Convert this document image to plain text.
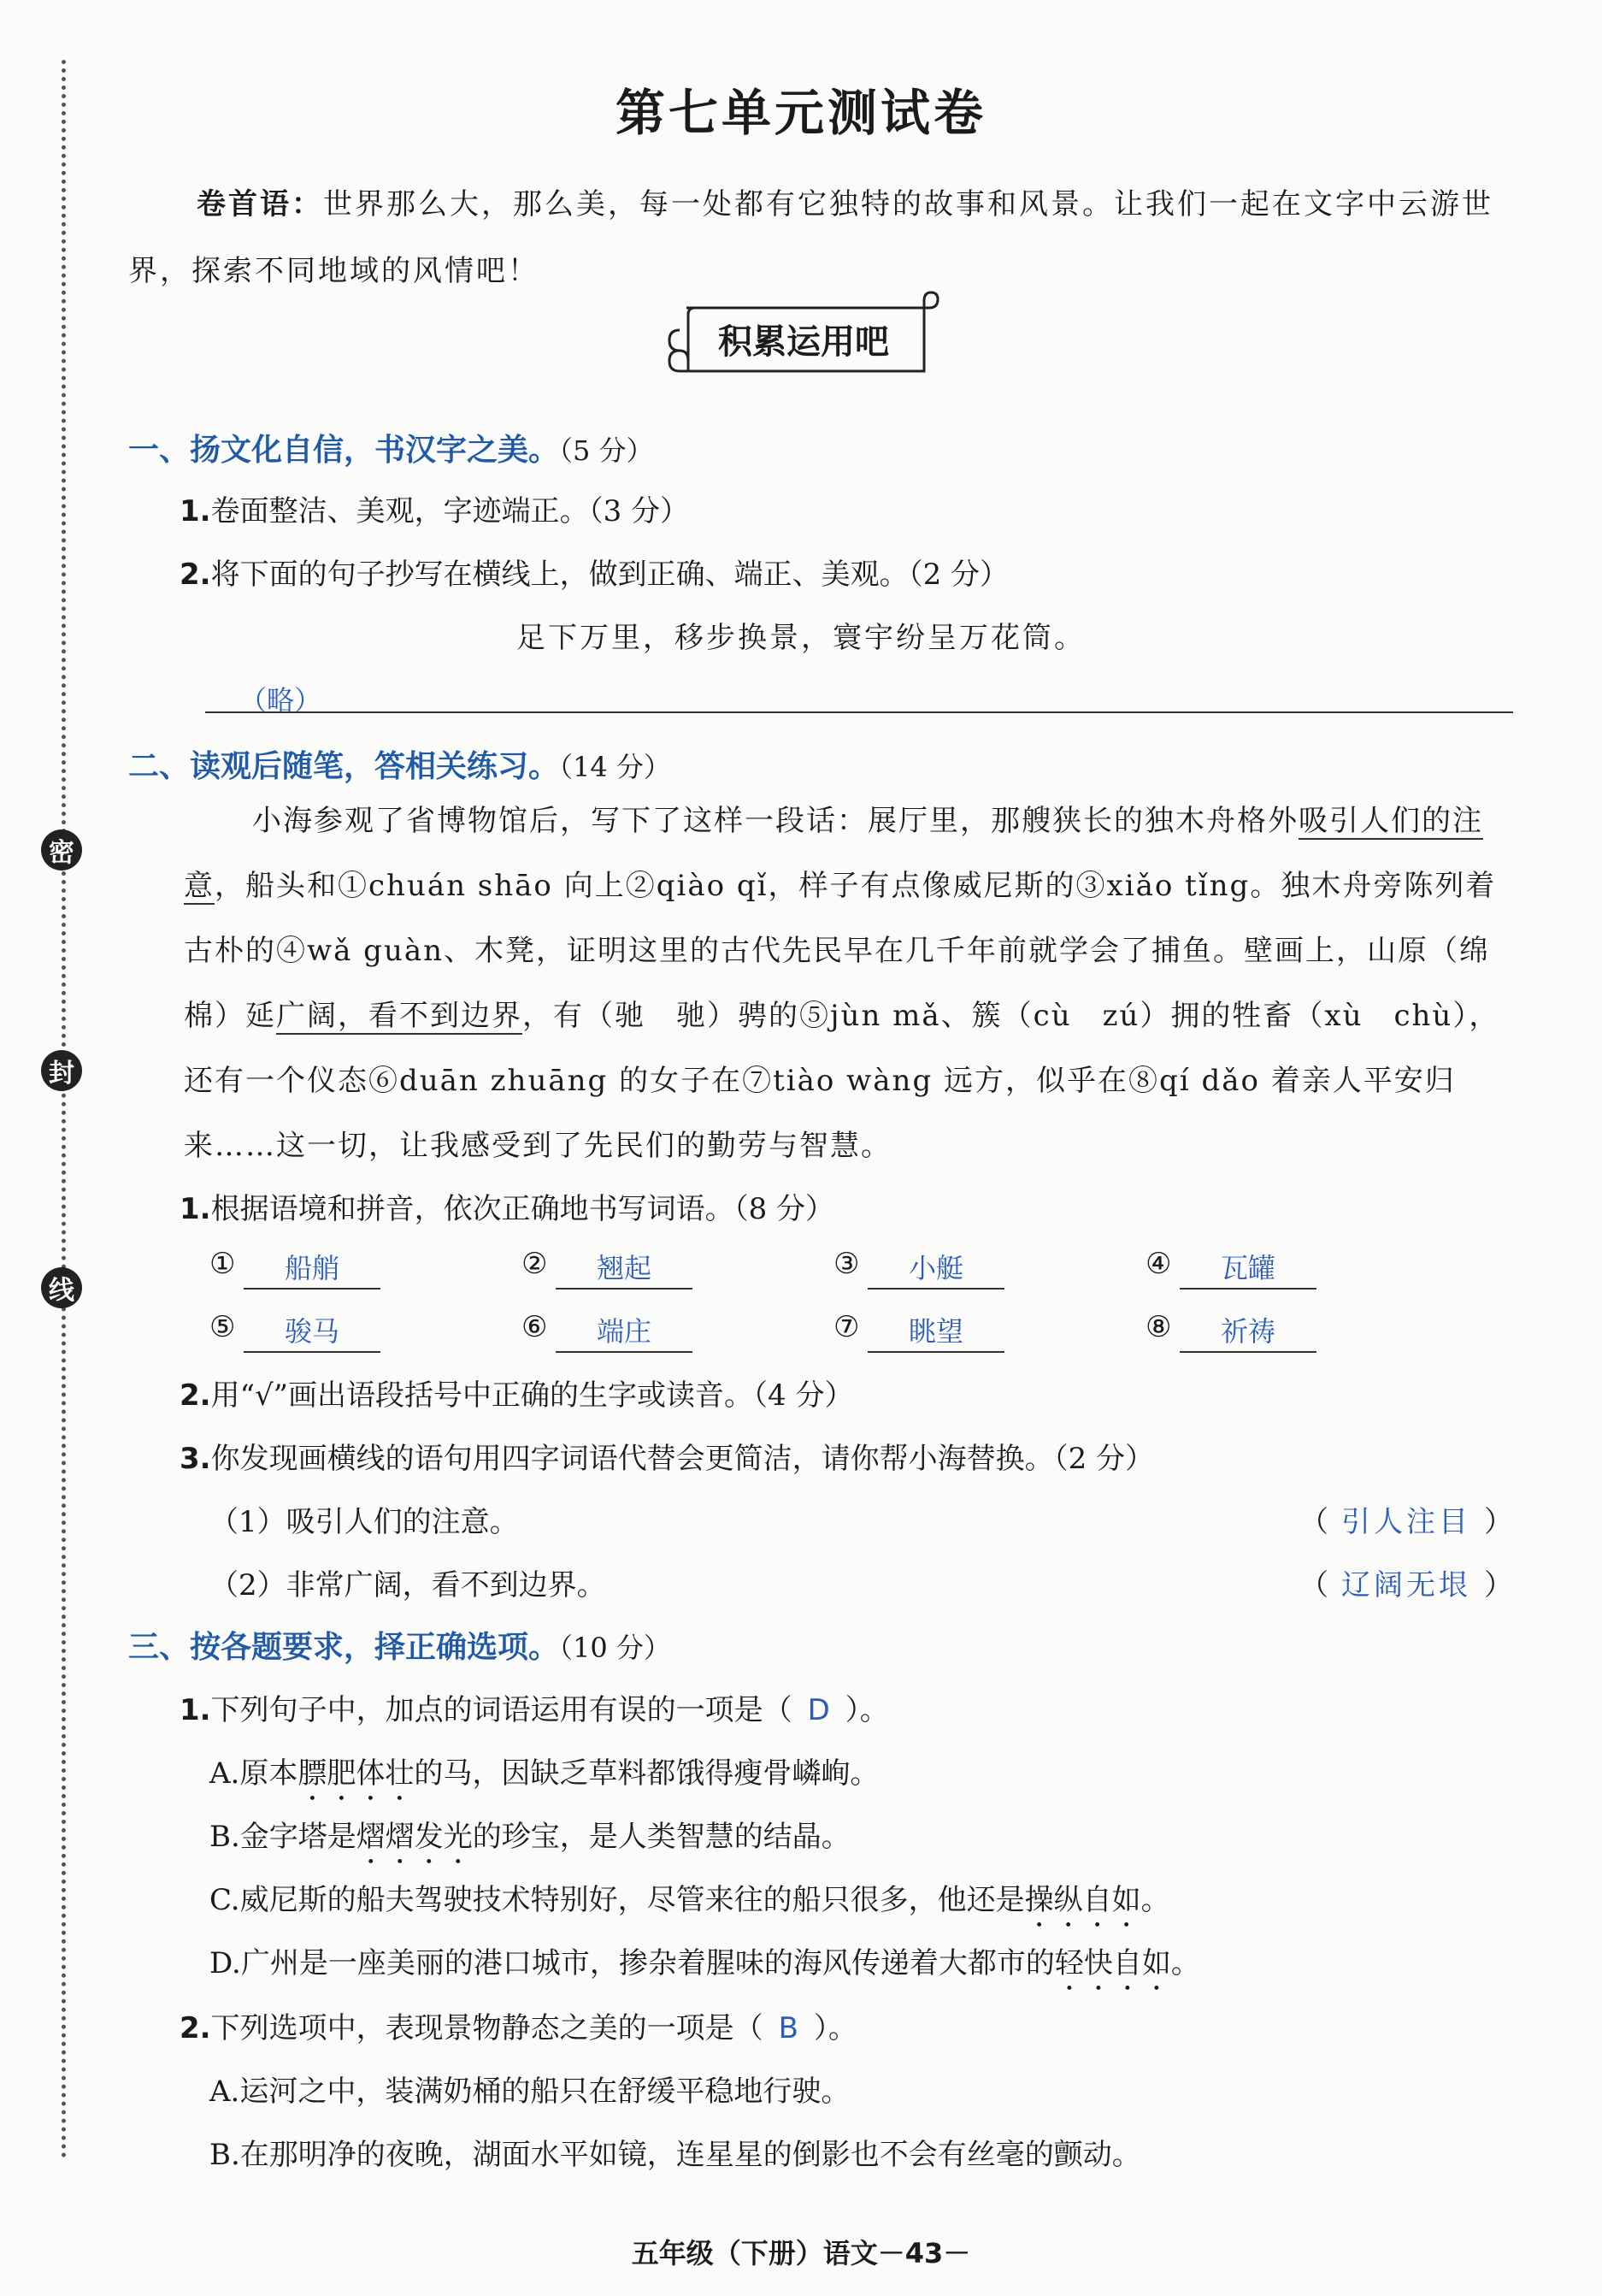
密
封
线
第七单元测试卷
卷首语：世界那么大，那么美，每一处都有它独特的故事和风景。让我们一起在文字中云游世界，探索不同地域的风情吧！
积累运用吧
一、扬文化自信，书汉字之美。（5 分）
1.卷面整洁、美观，字迹端正。（3 分）
2.将下面的句子抄写在横线上，做到正确、端正、美观。（2 分）
足下万里，移步换景，寰宇纷呈万花筒。
（略）
二、读观后随笔，答相关练习。（14 分）
小海参观了省博物馆后，写下了这样一段话：展厅里，那艘狭长的独木舟格外吸引人们的注意，船头和①chuán shāo 向上②qiào qǐ，样子有点像威尼斯的③xiǎo tǐng。独木舟旁陈列着古朴的④wǎ guàn、木凳，证明这里的古代先民早在几千年前就学会了捕鱼。壁画上，山原（绵　棉）延广阔，看不到边界，有（驰　驰）骋的⑤jùn mǎ、簇（cù　zú）拥的牲畜（xù　chù），还有一个仪态⑥duān zhuāng 的女子在⑦tiào wàng 远方，似乎在⑧qí dǎo 着亲人平安归来……这一切，让我感受到了先民们的勤劳与智慧。
1.根据语境和拼音，依次正确地书写词语。（8 分）
①	船艄	②	翘起	③	小艇	④	瓦罐
⑤	骏马	⑥	端庄	⑦	眺望	⑧	祈祷
2.用“√”画出语段括号中正确的生字或读音。（4 分）
3.你发现画横线的语句用四字词语代替会更简洁，请你帮小海替换。（2 分）
（1）吸引人们的注意。	（ 引人注目 ）
（2）非常广阔，看不到边界。	（ 辽阔无垠 ）
三、按各题要求，择正确选项。（10 分）
1.下列句子中，加点的词语运用有误的一项是（ D ）。
A.原本膘肥体壮的马，因缺乏草料都饿得瘦骨嶙峋。
B.金字塔是熠熠发光的珍宝，是人类智慧的结晶。
C.威尼斯的船夫驾驶技术特别好，尽管来往的船只很多，他还是操纵自如。
D.广州是一座美丽的港口城市，掺杂着腥味的海风传递着大都市的轻快自如。
2.下列选项中，表现景物静态之美的一项是（ B ）。
A.运河之中，装满奶桶的船只在舒缓平稳地行驶。
B.在那明净的夜晚，湖面水平如镜，连星星的倒影也不会有丝毫的颤动。
五年级（下册）语文－43－
